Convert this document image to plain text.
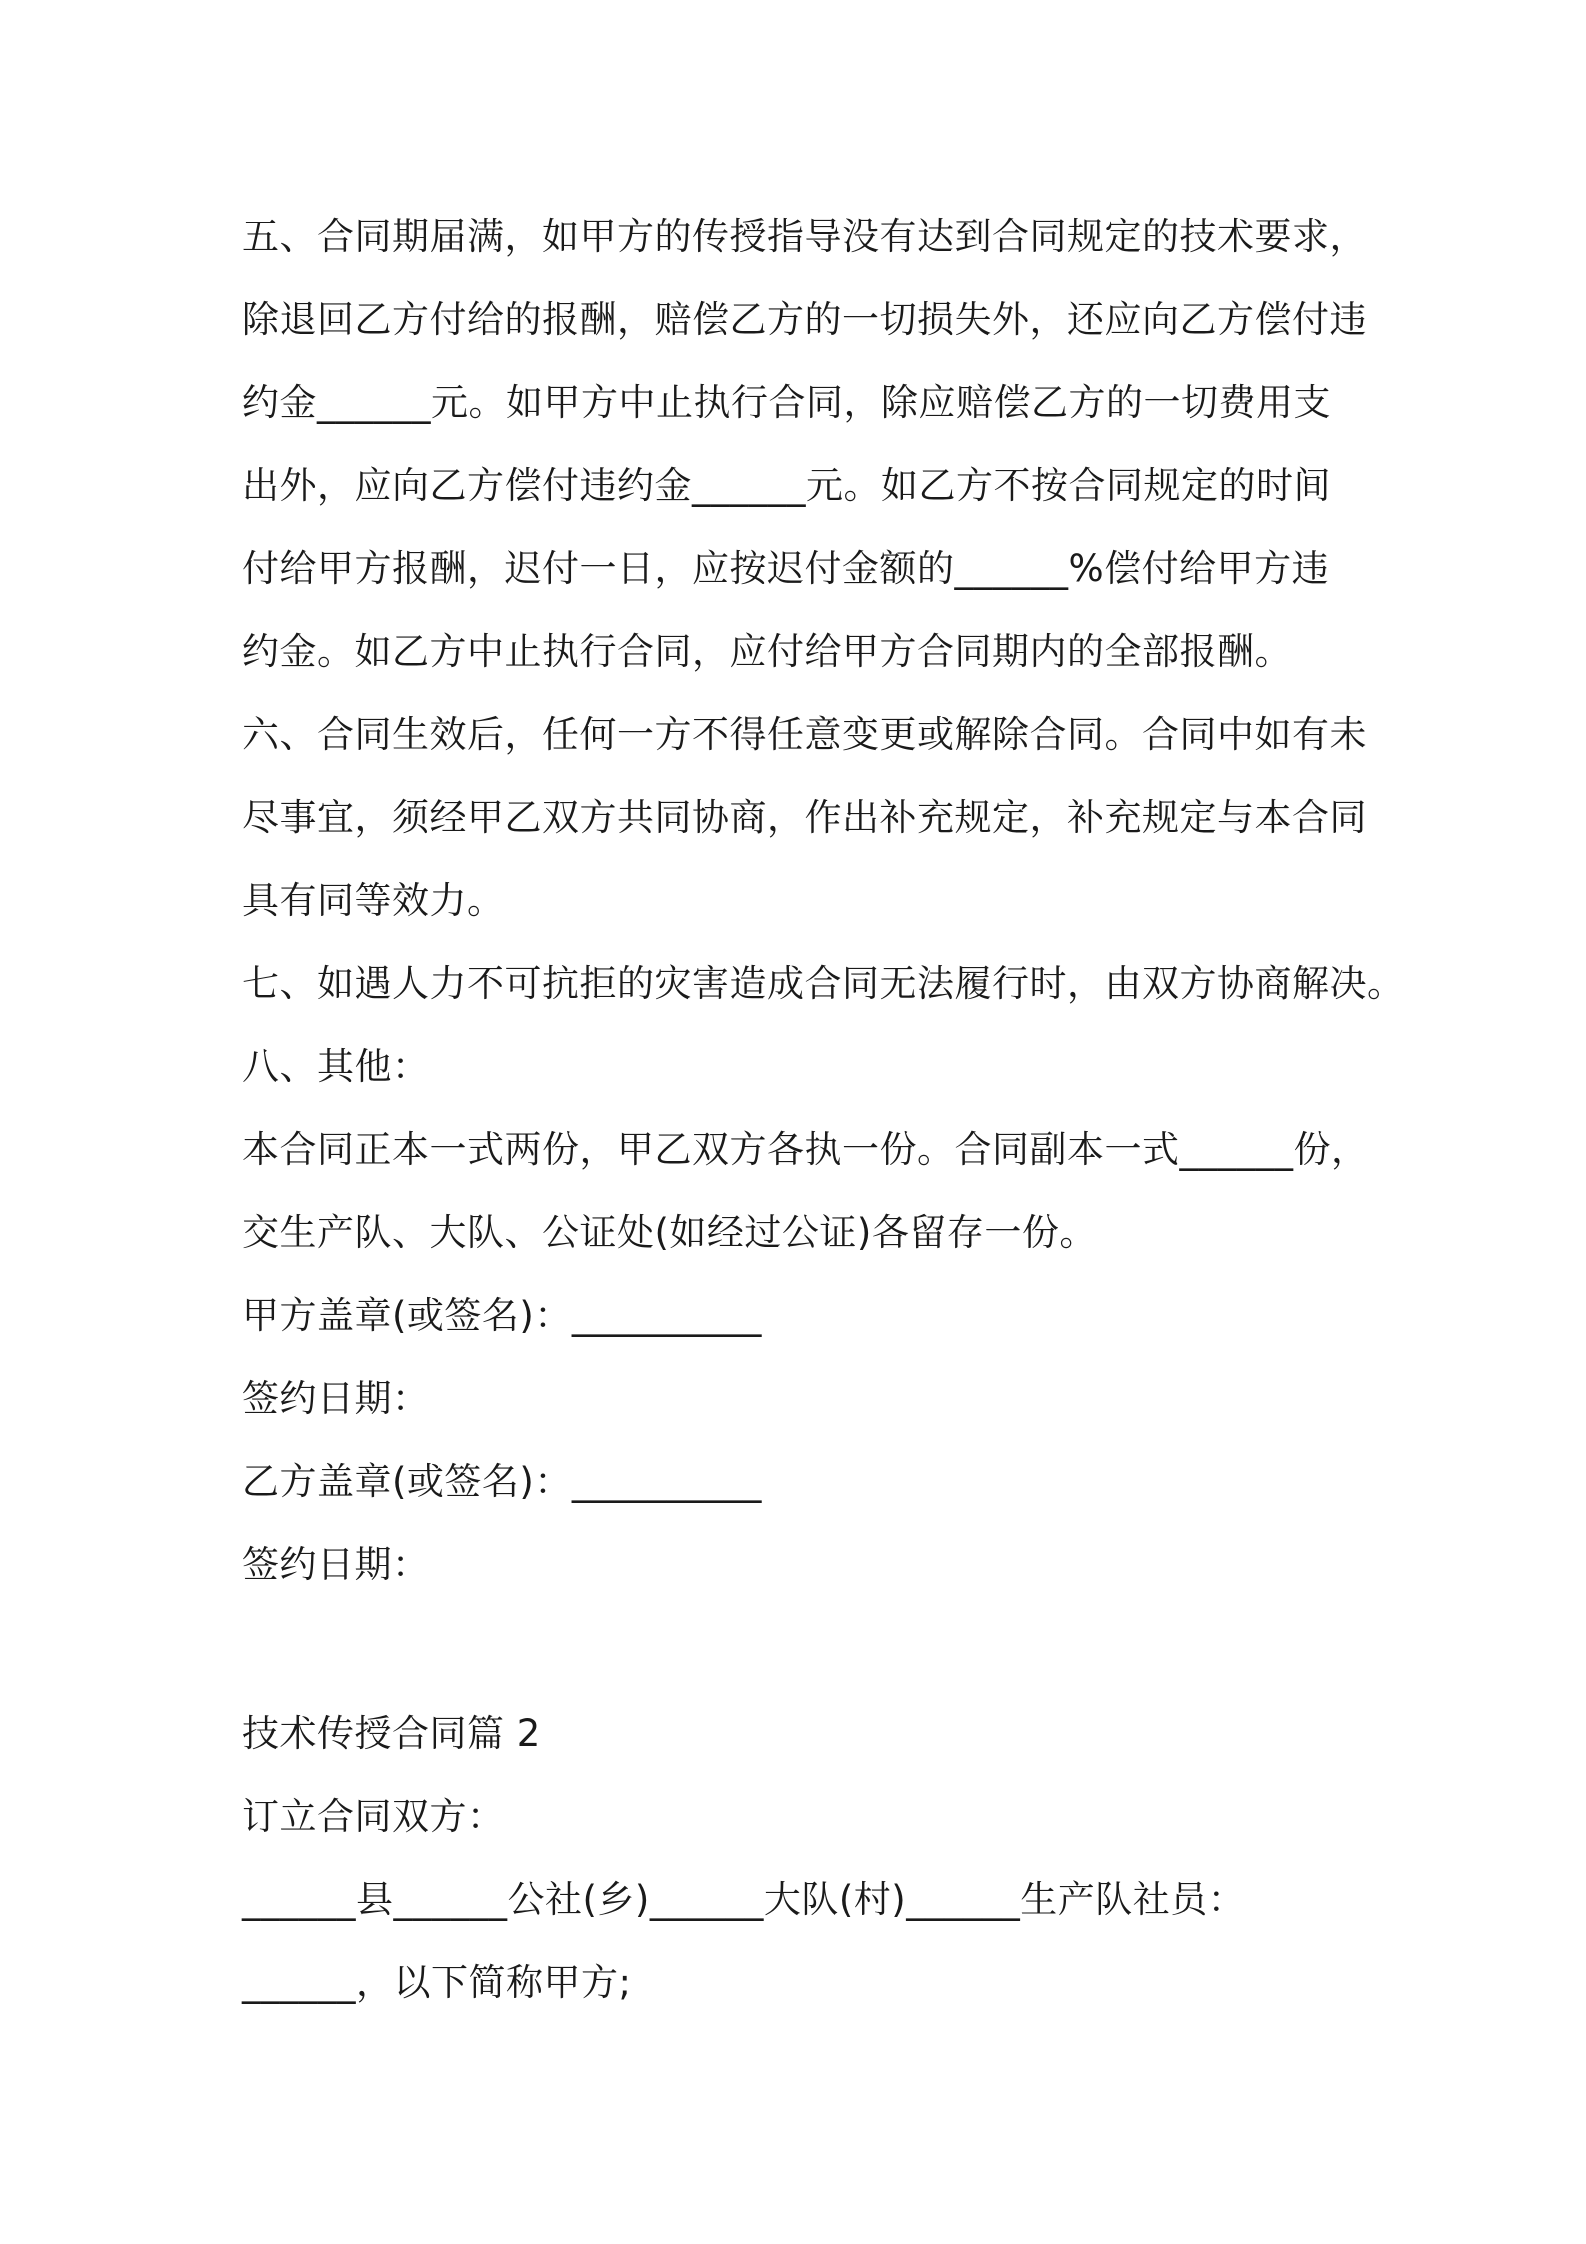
五、合同期届满，如甲方的传授指导没有达到合同规定的技术要求，
除退回乙方付给的报酬，赔偿乙方的一切损失外，还应向乙方偿付违
约金______元。如甲方中止执行合同，除应赔偿乙方的一切费用支
出外，应向乙方偿付违约金______元。如乙方不按合同规定的时间
付给甲方报酬，迟付一日，应按迟付金额的______%偿付给甲方违
约金。如乙方中止执行合同，应付给甲方合同期内的全部报酬。
六、合同生效后，任何一方不得任意变更或解除合同。合同中如有未
尽事宜，须经甲乙双方共同协商，作出补充规定，补充规定与本合同
具有同等效力。
七、如遇人力不可抗拒的灾害造成合同无法履行时，由双方协商解决。
八、其他：
本合同正本一式两份，甲乙双方各执一份。合同副本一式______份，
交生产队、大队、公证处(如经过公证)各留存一份。
甲方盖章(或签名)：__________
签约日期：
乙方盖章(或签名)：__________
签约日期：
技术传授合同篇 2
订立合同双方：
______县______公社(乡)______大队(村)______生产队社员：
______，以下简称甲方;
